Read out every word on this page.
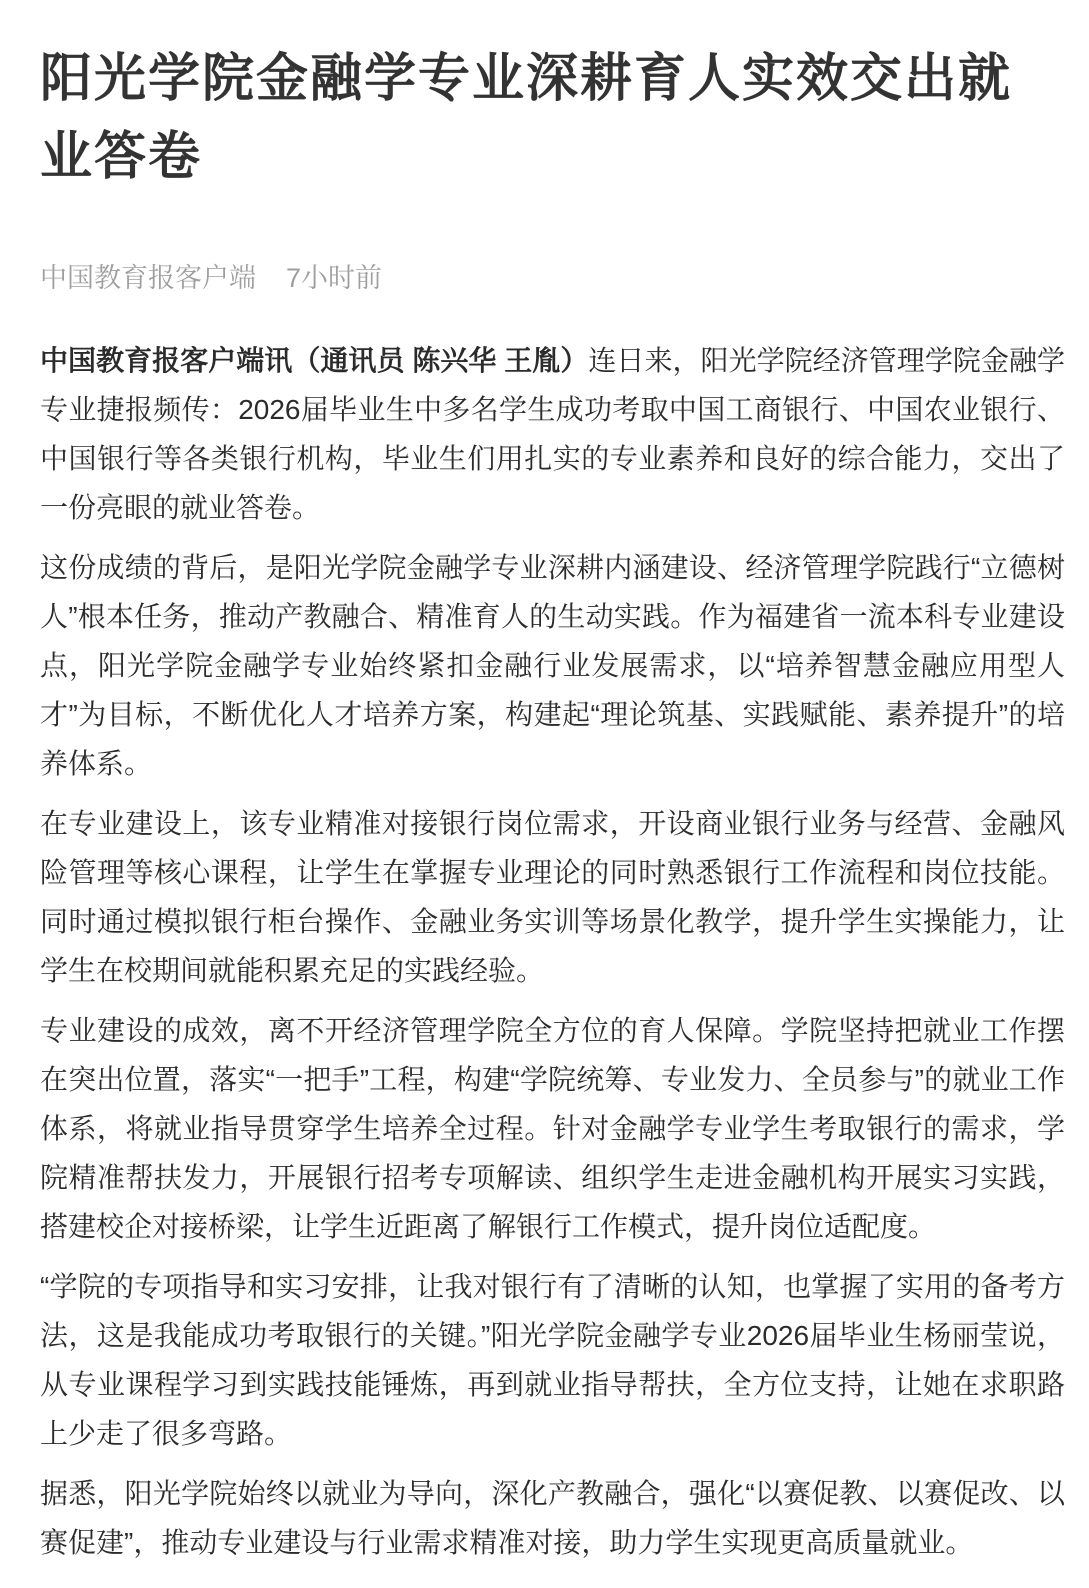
阳光学院金融学专业深耕育人实效交出就业答卷
中国教育报客户端 7小时前

中国教育报客户端讯（通讯员 陈兴华 王胤）连日来，阳光学院经济管理学院金融学专业捷报频传：2026届毕业生中多名学生成功考取中国工商银行、中国农业银行、中国银行等各类银行机构，毕业生们用扎实的专业素养和良好的综合能力，交出了一份亮眼的就业答卷。

这份成绩的背后，是阳光学院金融学专业深耕内涵建设、经济管理学院践行“立德树人”根本任务，推动产教融合、精准育人的生动实践。作为福建省一流本科专业建设点，阳光学院金融学专业始终紧扣金融行业发展需求，以“培养智慧金融应用型人才”为目标，不断优化人才培养方案，构建起“理论筑基、实践赋能、素养提升”的培养体系。

在专业建设上，该专业精准对接银行岗位需求，开设商业银行业务与经营、金融风险管理等核心课程，让学生在掌握专业理论的同时熟悉银行工作流程和岗位技能。同时通过模拟银行柜台操作、金融业务实训等场景化教学，提升学生实操能力，让学生在校期间就能积累充足的实践经验。

专业建设的成效，离不开经济管理学院全方位的育人保障。学院坚持把就业工作摆在突出位置，落实“一把手”工程，构建“学院统筹、专业发力、全员参与”的就业工作体系，将就业指导贯穿学生培养全过程。针对金融学专业学生考取银行的需求，学院精准帮扶发力，开展银行招考专项解读、组织学生走进金融机构开展实习实践，搭建校企对接桥梁，让学生近距离了解银行工作模式，提升岗位适配度。

“学院的专项指导和实习安排，让我对银行有了清晰的认知，也掌握了实用的备考方法，这是我能成功考取银行的关键。”阳光学院金融学专业2026届毕业生杨丽莹说，从专业课程学习到实践技能锤炼，再到就业指导帮扶，全方位支持，让她在求职路上少走了很多弯路。

据悉，阳光学院始终以就业为导向，深化产教融合，强化“以赛促教、以赛促改、以赛促建”，推动专业建设与行业需求精准对接，助力学生实现更高质量就业。
